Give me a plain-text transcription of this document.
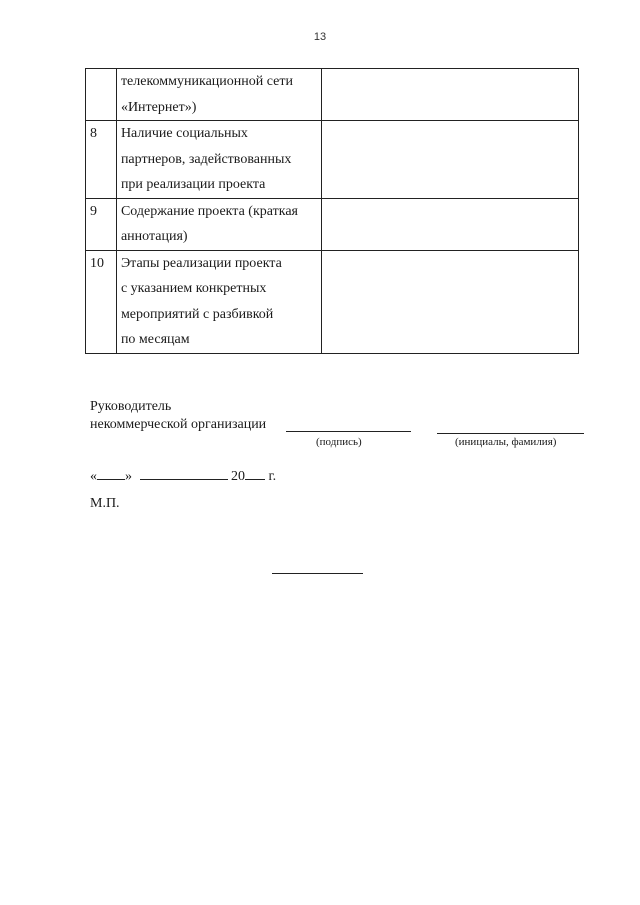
13

	телекоммуникационной сети
«Интернет»)	

8	Наличие социальных
партнеров, задействованных
при реализации проекта	

9	Содержание проекта (краткая
аннотация)	

10	Этапы реализации проекта
с указанием конкретных
мероприятий с разбивкой
по месяцам	

Руководитель
некоммерческой организации
(подпись)	(инициалы, фамилия)
« »	20 г.
М.П.
